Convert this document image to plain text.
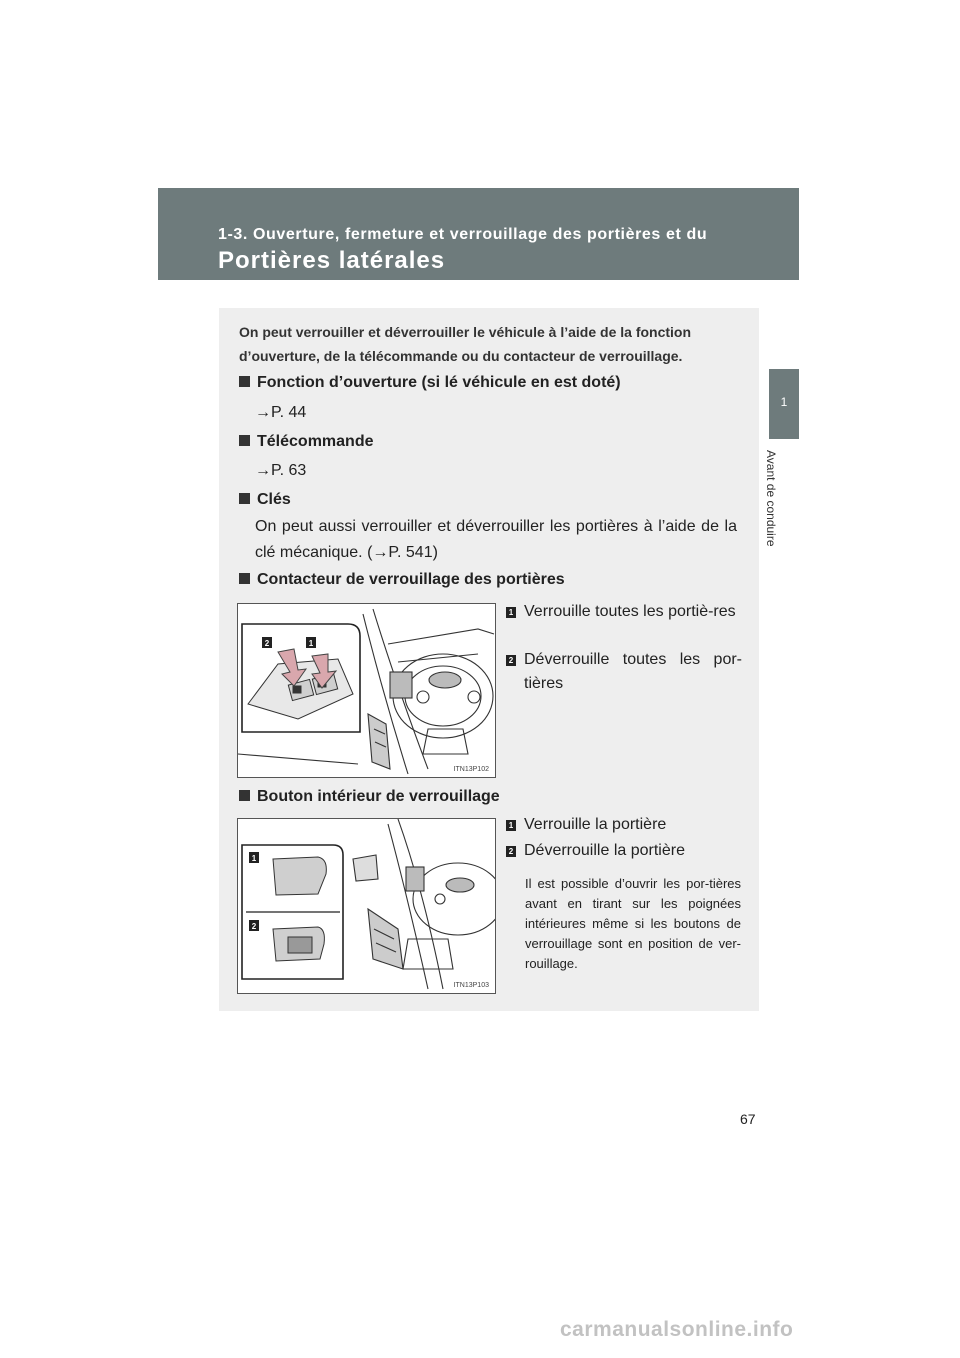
1-3. Ouverture, fermeture et verrouillage des portières et du
Portières latérales
1
Avant de conduire
On peut verrouiller et déverrouiller le véhicule à l’aide de la fonction d’ouverture, de la télécommande ou du contacteur de verrouillage.
Fonction d’ouverture (si lé véhicule en est doté)
→P. 44
Télécommande
→P. 63
Clés
On peut aussi verrouiller et déverrouiller les portières à l’aide de la clé mécanique. (→P. 541)
Contacteur de verrouillage des portières
2	1
ITN13P102
1 Verrouille toutes les portiè-res
2 Déverrouille toutes les por-tières
Bouton intérieur de verrouillage
1
2
ITN13P103
1 Verrouille la portière
2 Déverrouille la portière
Il est possible d’ouvrir les por-tières avant en tirant sur les poignées intérieures même si les boutons de verrouillage sont en position de ver-rouillage.
67
carmanualsonline.info
